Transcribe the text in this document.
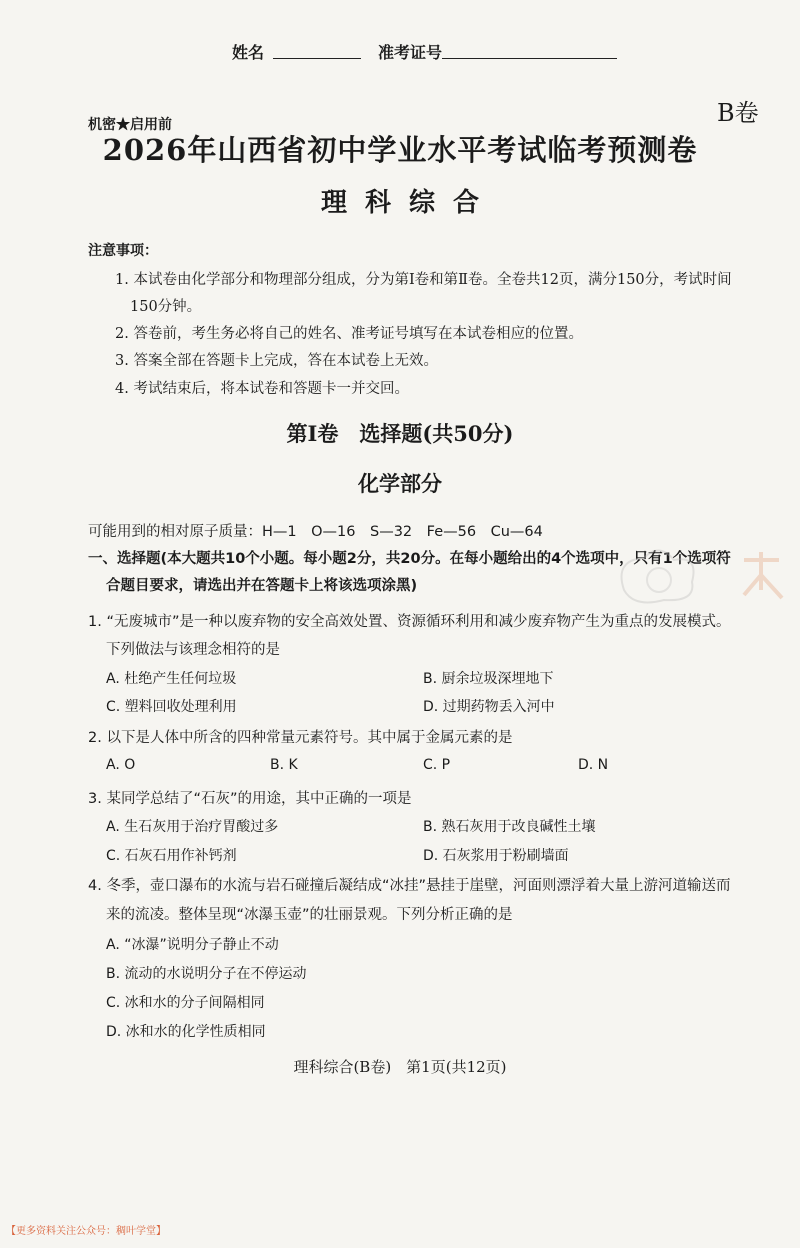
姓名	准考证号
机密★启用前	B卷
2026年山西省初中学业水平考试临考预测卷
理科综合
注意事项：
1. 本试卷由化学部分和物理部分组成，分为第Ⅰ卷和第Ⅱ卷。全卷共12页，满分150分，考试时间
150分钟。
2. 答卷前，考生务必将自己的姓名、准考证号填写在本试卷相应的位置。
3. 答案全部在答题卡上完成，答在本试卷上无效。
4. 考试结束后，将本试卷和答题卡一并交回。
第Ⅰ卷　选择题(共50分)
化学部分
可能用到的相对原子质量：H—1　O—16　S—32　Fe—56　Cu—64
一、选择题(本大题共10个小题。每小题2分，共20分。在每小题给出的4个选项中，只有1个选项符
合题目要求，请选出并在答题卡上将该选项涂黑)
1. “无废城市”是一种以废弃物的安全高效处置、资源循环利用和减少废弃物产生为重点的发展模式。
下列做法与该理念相符的是
A. 杜绝产生任何垃圾	B. 厨余垃圾深埋地下
C. 塑料回收处理利用	D. 过期药物丢入河中
2. 以下是人体中所含的四种常量元素符号。其中属于金属元素的是
A. O	B. K	C. P	D. N
3. 某同学总结了“石灰”的用途，其中正确的一项是
A. 生石灰用于治疗胃酸过多	B. 熟石灰用于改良碱性土壤
C. 石灰石用作补钙剂	D. 石灰浆用于粉刷墙面
4. 冬季，壶口瀑布的水流与岩石碰撞后凝结成“冰挂”悬挂于崖壁，河面则漂浮着大量上游河道输送而
来的流凌。整体呈现“冰瀑玉壶”的壮丽景观。下列分析正确的是
A. “冰瀑”说明分子静止不动
B. 流动的水说明分子在不停运动
C. 冰和水的分子间隔相同
D. 冰和水的化学性质相同
理科综合(B卷)　第1页(共12页)
【更多资料关注公众号：稠叶学堂】
